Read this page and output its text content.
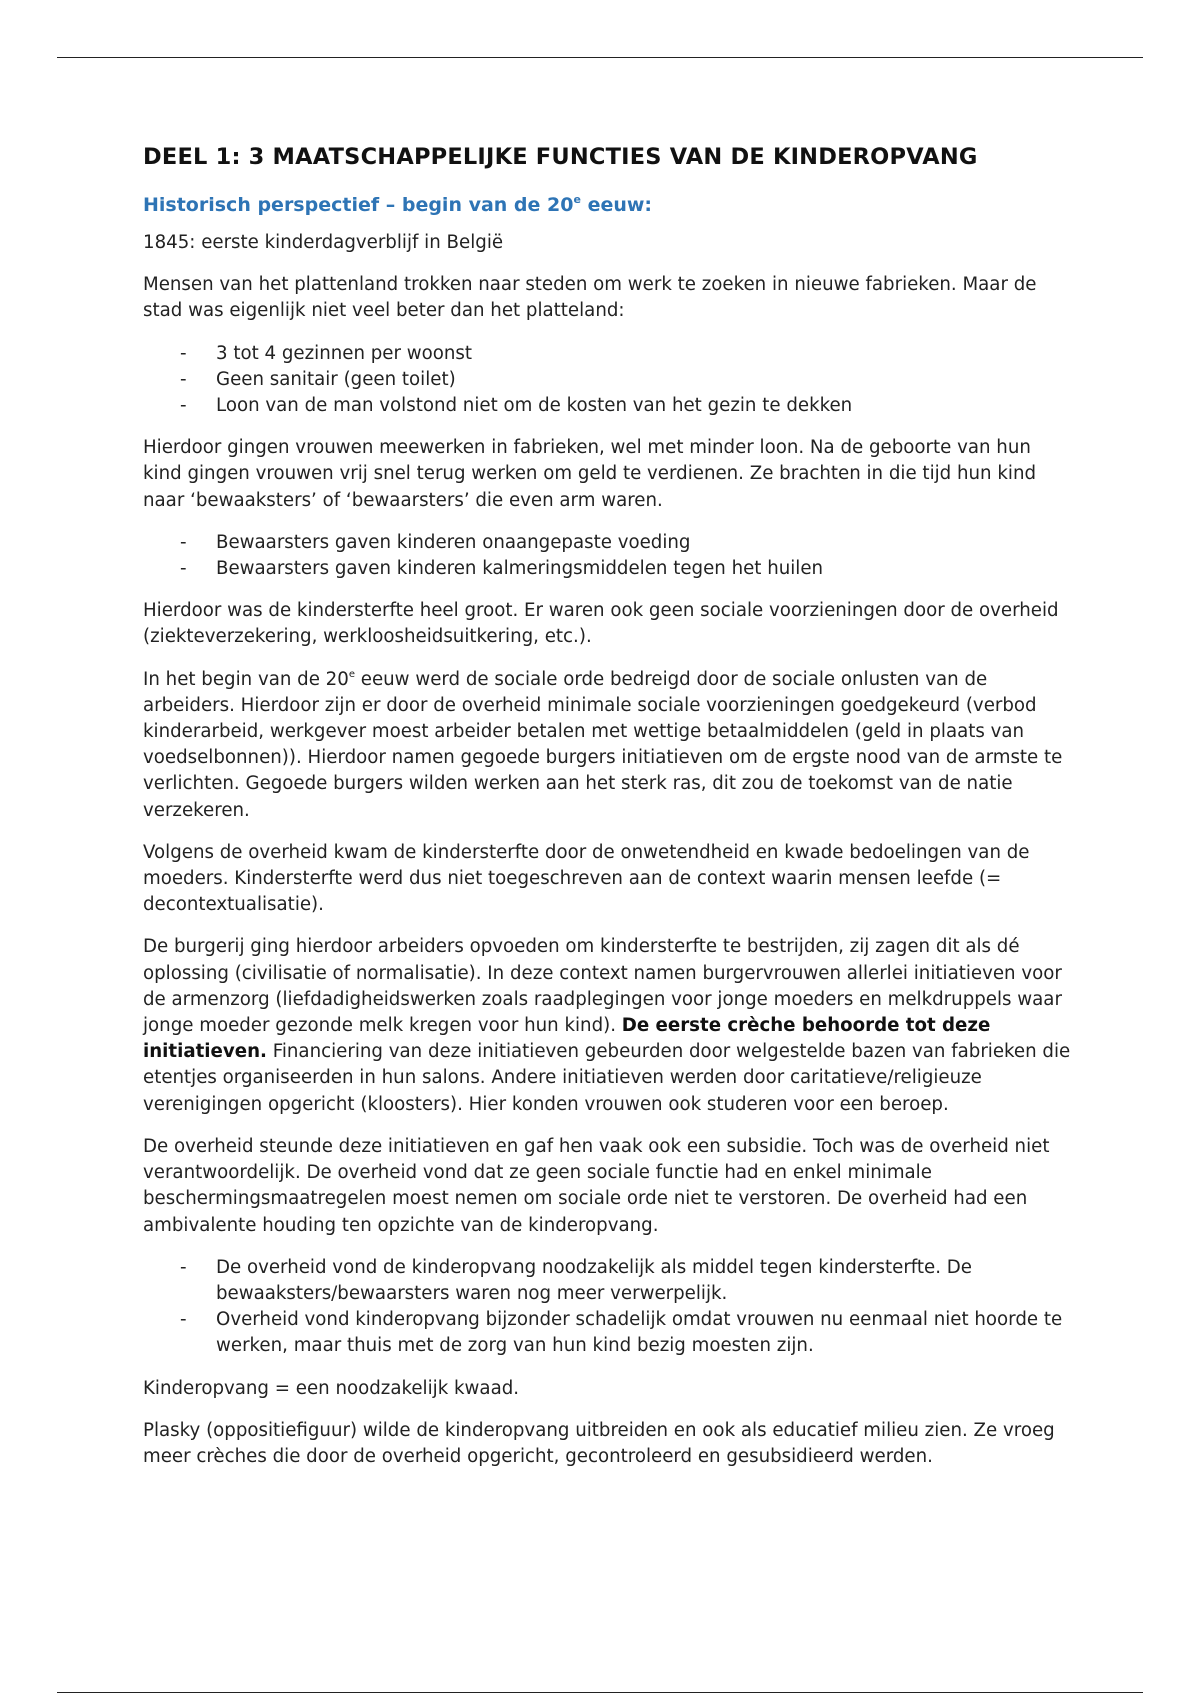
DEEL 1: 3 MAATSCHAPPELIJKE FUNCTIES VAN DE KINDEROPVANG
Historisch perspectief – begin van de 20e eeuw:

1845: eerste kinderdagverblijf in België

Mensen van het plattenland trokken naar steden om werk te zoeken in nieuwe fabrieken. Maar de stad was eigenlijk niet veel beter dan het platteland:

- 3 tot 4 gezinnen per woonst
- Geen sanitair (geen toilet)
- Loon van de man volstond niet om de kosten van het gezin te dekken

Hierdoor gingen vrouwen meewerken in fabrieken, wel met minder loon. Na de geboorte van hun kind gingen vrouwen vrij snel terug werken om geld te verdienen. Ze brachten in die tijd hun kind naar ‘bewaaksters’ of ‘bewaarsters’ die even arm waren.

- Bewaarsters gaven kinderen onaangepaste voeding
- Bewaarsters gaven kinderen kalmeringsmiddelen tegen het huilen

Hierdoor was de kindersterfte heel groot. Er waren ook geen sociale voorzieningen door de overheid (ziekteverzekering, werkloosheidsuitkering, etc.).

In het begin van de 20e eeuw werd de sociale orde bedreigd door de sociale onlusten van de arbeiders. Hierdoor zijn er door de overheid minimale sociale voorzieningen goedgekeurd (verbod kinderarbeid, werkgever moest arbeider betalen met wettige betaalmiddelen (geld in plaats van voedselbonnen)). Hierdoor namen gegoede burgers initiatieven om de ergste nood van de armste te verlichten. Gegoede burgers wilden werken aan het sterk ras, dit zou de toekomst van de natie verzekeren.

Volgens de overheid kwam de kindersterfte door de onwetendheid en kwade bedoelingen van de moeders. Kindersterfte werd dus niet toegeschreven aan de context waarin mensen leefde (= decontextualisatie).

De burgerij ging hierdoor arbeiders opvoeden om kindersterfte te bestrijden, zij zagen dit als dé oplossing (civilisatie of normalisatie). In deze context namen burgervrouwen allerlei initiatieven voor de armenzorg (liefdadigheidswerken zoals raadplegingen voor jonge moeders en melkdruppels waar jonge moeder gezonde melk kregen voor hun kind). De eerste crèche behoorde tot deze initiatieven. Financiering van deze initiatieven gebeurden door welgestelde bazen van fabrieken die etentjes organiseerden in hun salons. Andere initiatieven werden door caritatieve/religieuze verenigingen opgericht (kloosters). Hier konden vrouwen ook studeren voor een beroep.

De overheid steunde deze initiatieven en gaf hen vaak ook een subsidie. Toch was de overheid niet verantwoordelijk. De overheid vond dat ze geen sociale functie had en enkel minimale beschermingsmaatregelen moest nemen om sociale orde niet te verstoren. De overheid had een ambivalente houding ten opzichte van de kinderopvang.

- De overheid vond de kinderopvang noodzakelijk als middel tegen kindersterfte. De bewaaksters/bewaarsters waren nog meer verwerpelijk.
- Overheid vond kinderopvang bijzonder schadelijk omdat vrouwen nu eenmaal niet hoorde te werken, maar thuis met de zorg van hun kind bezig moesten zijn.

Kinderopvang = een noodzakelijk kwaad.

Plasky (oppositiefiguur) wilde de kinderopvang uitbreiden en ook als educatief milieu zien. Ze vroeg meer crèches die door de overheid opgericht, gecontroleerd en gesubsidieerd werden.
